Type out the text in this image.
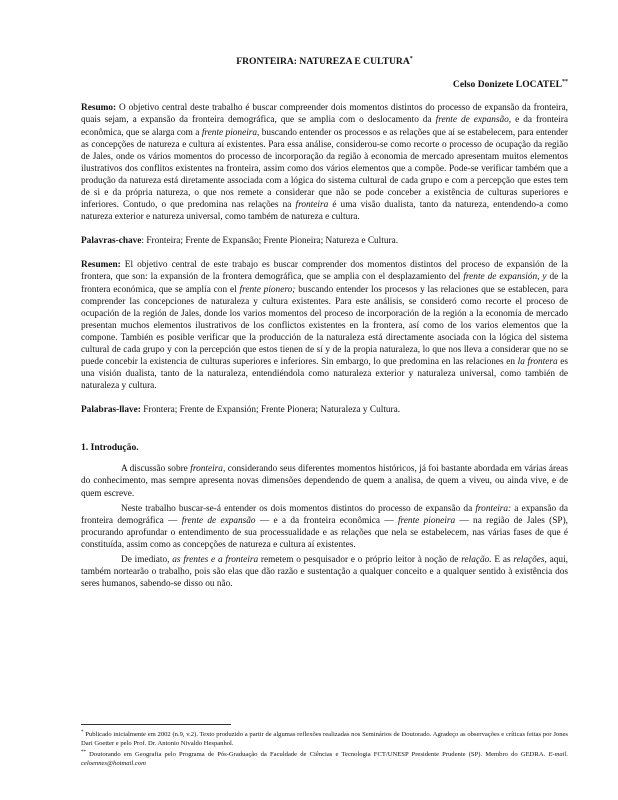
FRONTEIRA: NATUREZA E CULTURA*
Celso Donizete LOCATEL**

Resumo: O objetivo central deste trabalho é buscar compreender dois momentos distintos do processo de expansão da fronteira, quais sejam, a expansão da fronteira demográfica, que se amplia com o deslocamento da frente de expansão, e da fronteira econômica, que se alarga com a frente pioneira, buscando entender os processos e as relações que aí se estabelecem, para entender as concepções de natureza e cultura aí existentes. Para essa análise, considerou-se como recorte o processo de ocupação da região de Jales, onde os vários momentos do processo de incorporação da região à economia de mercado apresentam muitos elementos ilustrativos dos conflitos existentes na fronteira, assim como dos vários elementos que a compõe. Pode-se verificar também que a produção da natureza está diretamente associada com a lógica do sistema cultural de cada grupo e com a percepção que estes tem de si e da própria natureza, o que nos remete a considerar que não se pode conceber a existência de culturas superiores e inferiores. Contudo, o que predomina nas relações na fronteira é uma visão dualista, tanto da natureza, entendendo-a como natureza exterior e natureza universal, como também de natureza e cultura.

Palavras-chave: Fronteira; Frente de Expansão; Frente Pioneira; Natureza e Cultura.

Resumen: El objetivo central de este trabajo es buscar comprender dos momentos distintos del proceso de expansión de la frontera, que son: la expansión de la frontera demográfica, que se amplia con el desplazamiento del frente de expansión, y de la frontera económica, que se amplía con el frente pionero; buscando entender los procesos y las relaciones que se establecen, para comprender las concepciones de naturaleza y cultura existentes. Para este análisis, se consideró como recorte el proceso de ocupación de la región de Jales, donde los varios momentos del proceso de incorporación de la región a la economía de mercado presentan muchos elementos ilustrativos de los conflictos existentes en la frontera, así como de los varios elementos que la compone. También es posible verificar que la producción de la naturaleza está directamente asociada con la lógica del sistema cultural de cada grupo y con la percepción que estos tienen de sí y de la propia naturaleza, lo que nos lleva a considerar que no se puede concebir la existencia de culturas superiores e inferiores. Sin embargo, lo que predomina en las relaciones en la frontera es una visión dualista, tanto de la naturaleza, entendiéndola como naturaleza exterior y naturaleza universal, como también de naturaleza y cultura.

Palabras-llave: Frontera; Frente de Expansión; Frente Pionera; Naturaleza y Cultura.

1. Introdução.

A discussão sobre fronteira, considerando seus diferentes momentos históricos, já foi bastante abordada em várias áreas do conhecimento, mas sempre apresenta novas dimensões dependendo de quem a analisa, de quem a viveu, ou ainda vive, e de quem escreve.

Neste trabalho buscar-se-á entender os dois momentos distintos do processo de expansão da fronteira: a expansão da fronteira demográfica — frente de expansão — e a da fronteira econômica — frente pioneira — na região de Jales (SP), procurando aprofundar o entendimento de sua processualidade e as relações que nela se estabelecem, nas várias fases de que é constituída, assim como as concepções de natureza e cultura aí existentes.

De imediato, as frentes e a fronteira remetem o pesquisador e o próprio leitor à noção de relação. E as relações, aqui, também nortearão o trabalho, pois são elas que dão razão e sustentação a qualquer conceito e a qualquer sentido à existência dos seres humanos, sabendo-se disso ou não.

* Publicado inicialmente em 2002 (n.9, v.2). Texto produzido a partir de algumas reflexões realizadas nos Seminários de Doutorado. Agradeço as observações e críticas feitas por Jones Dari Goetter e pelo Prof. Dr. Antonio Nivaldo Hespanhol.

** Doutorando em Geografia pelo Programa de Pós-Graduação da Faculdade de Ciências e Tecnologia FCT/UNESP Presidente Prudente (SP). Membro do GEDRA. E-mail. celoennes@hotmail.com
